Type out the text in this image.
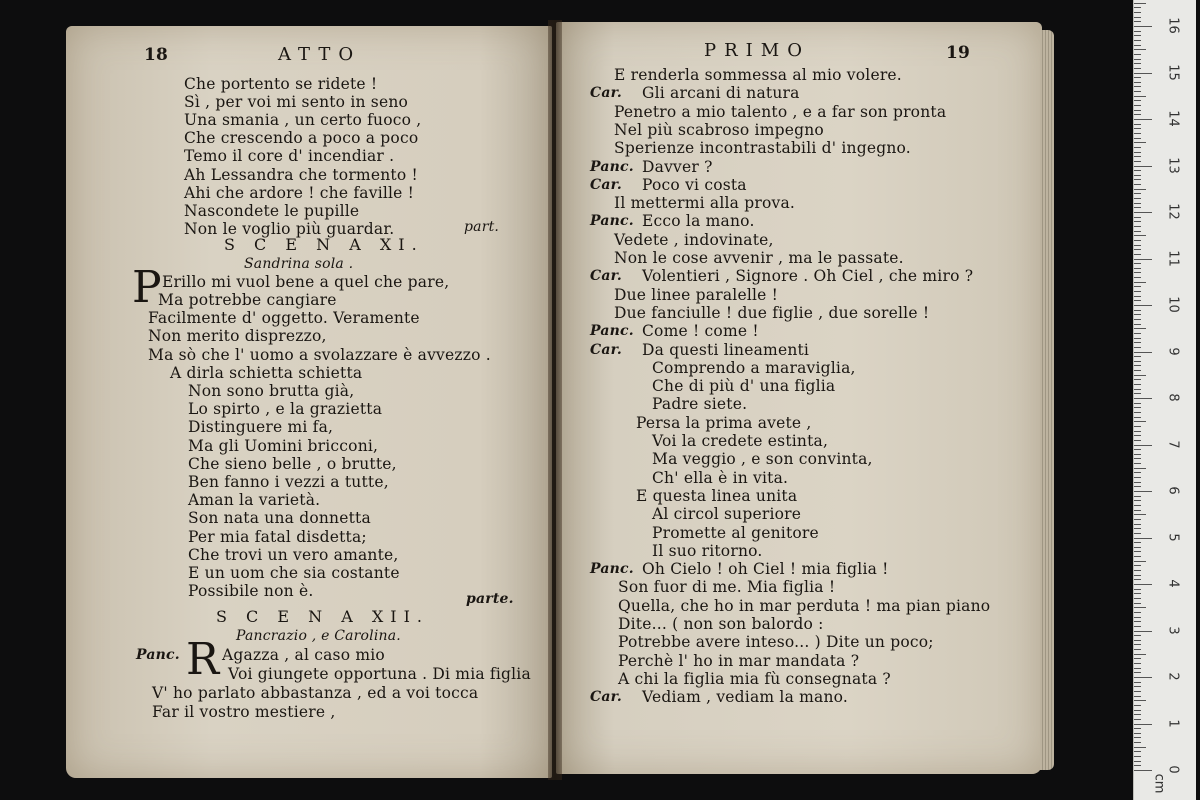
18	ATTO
Che portento se ridete !
Sì , per voi mi sento in seno
Una smania , un certo fuoco ,
Che crescendo a poco a poco
Temo il core d' incendiar .
Ah Lessandra che tormento !
Ahi che ardore ! che faville !
Nascondete le pupille
Non le voglio più guardar.	part.
S C E N A XI.
Sandrina sola .
P Erillo mi vuol bene a quel che pare,
Ma potrebbe cangiare
Facilmente d' oggetto. Veramente
Non merito disprezzo,
Ma sò che l' uomo a svolazzare è avvezzo .
A dirla schietta schietta
Non sono brutta già,
Lo spirto , e la grazietta
Distinguere mi fa,
Ma gli Uomini bricconi,
Che sieno belle , o brutte,
Ben fanno i vezzi a tutte,
Aman la varietà.
Son nata una donnetta
Per mia fatal disdetta;
Che trovi un vero amante,
E un uom che sia costante
Possibile non è.	parte.
S C E N A XII.
Pancrazio , e Carolina.
Panc. R Agazza , al caso mio
Voi giungete opportuna . Di mia figlia
V' ho parlato abbastanza , ed a voi tocca
Far il vostro mestiere ,
PRIMO	19
E renderla sommessa al mio volere.
Car. Gli arcani di natura
Penetro a mio talento , e a far son pronta
Nel più scabroso impegno
Sperienze incontrastabili d' ingegno.
Panc. Davver ?
Car. Poco vi costa
Il mettermi alla prova.
Panc. Ecco la mano.
Vedete , indovinate,
Non le cose avvenir , ma le passate.
Car. Volentieri , Signore . Oh Ciel , che miro ?
Due linee paralelle !
Due fanciulle ! due figlie , due sorelle !
Panc. Come ! come !
Car. Da questi lineamenti
Comprendo a maraviglia,
Che di più d' una figlia
Padre siete.
Persa la prima avete ,
Voi la credete estinta,
Ma veggio , e son convinta,
Ch' ella è in vita.
E questa linea unita
Al circol superiore
Promette al genitore
Il suo ritorno.
Panc. Oh Cielo ! oh Ciel ! mia figlia !
Son fuor di me. Mia figlia !
Quella, che ho in mar perduta ! ma pian piano
Dite... ( non son balordo :
Potrebbe avere inteso... ) Dite un poco;
Perchè l' ho in mar mandata ?
A chi la figlia mia fù consegnata ?
Car. Vediam , vediam la mano.
0
1
2
3
4
5
6
7
8
9
10
11
12
13
14
15
16
cm
